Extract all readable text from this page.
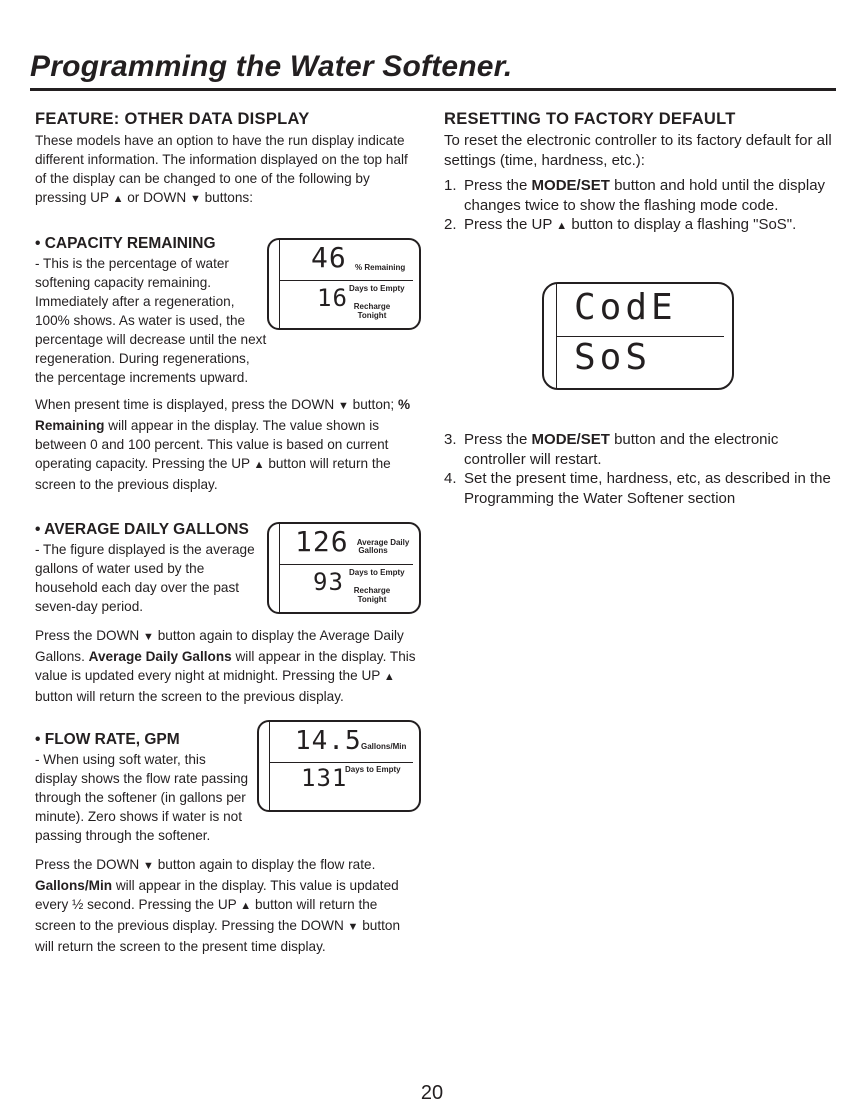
Programming the Water Softener.
FEATURE: OTHER DATA DISPLAY

These models have an option to have the run display indicate different information. The information displayed on the top half of the display can be changed to one of the following by pressing UP ▲ or DOWN ▼ buttons:

• CAPACITY REMAINING

- This is the percentage of water softening capacity remaining. Immediately after a regeneration, 100% shows. As water is used, the percentage will decrease until the next regeneration. During regenerations, the percentage increments upward.

46 % Remaining
16 Days to Empty
Recharge
Tonight

When present time is displayed, press the DOWN ▼ button; % Remaining will appear in the display. The value shown is between 0 and 100 percent. This value is based on current operating capacity. Pressing the UP ▲ button will return the screen to the previous display.

• AVERAGE DAILY GALLONS

- The figure displayed is the average gallons of water used by the household each day over the past seven-day period.

126	Average Daily
Gallons
93 Days to Empty
Recharge
Tonight

Press the DOWN ▼ button again to display the Average Daily Gallons. Average Daily Gallons will appear in the display. This value is updated every night at midnight. Pressing the UP ▲ button will return the screen to the previous display.

• FLOW RATE, GPM

- When using soft water, this display shows the flow rate passing through the softener (in gallons per minute). Zero shows if water is not passing through the softener.

14.5 Gallons/Min
131
Days to Empty

Press the DOWN ▼ button again to display the flow rate. Gallons/Min will appear in the display. This value is updated every ½ second. Pressing the UP ▲ button will return the screen to the previous display. Pressing the DOWN ▼ button will return the screen to the present time display.

RESETTING TO FACTORY DEFAULT

To reset the electronic controller to its factory default for all settings (time, hardness, etc.):

1. Press the MODE/SET button and hold until the display changes twice to show the flashing mode code.
2. Press the UP ▲ button to display a flashing "SoS".
CodE
SoS
3. Press the MODE/SET button and the electronic controller will restart.
4. Set the present time, hardness, etc, as described in the Programming the Water Softener section
20
